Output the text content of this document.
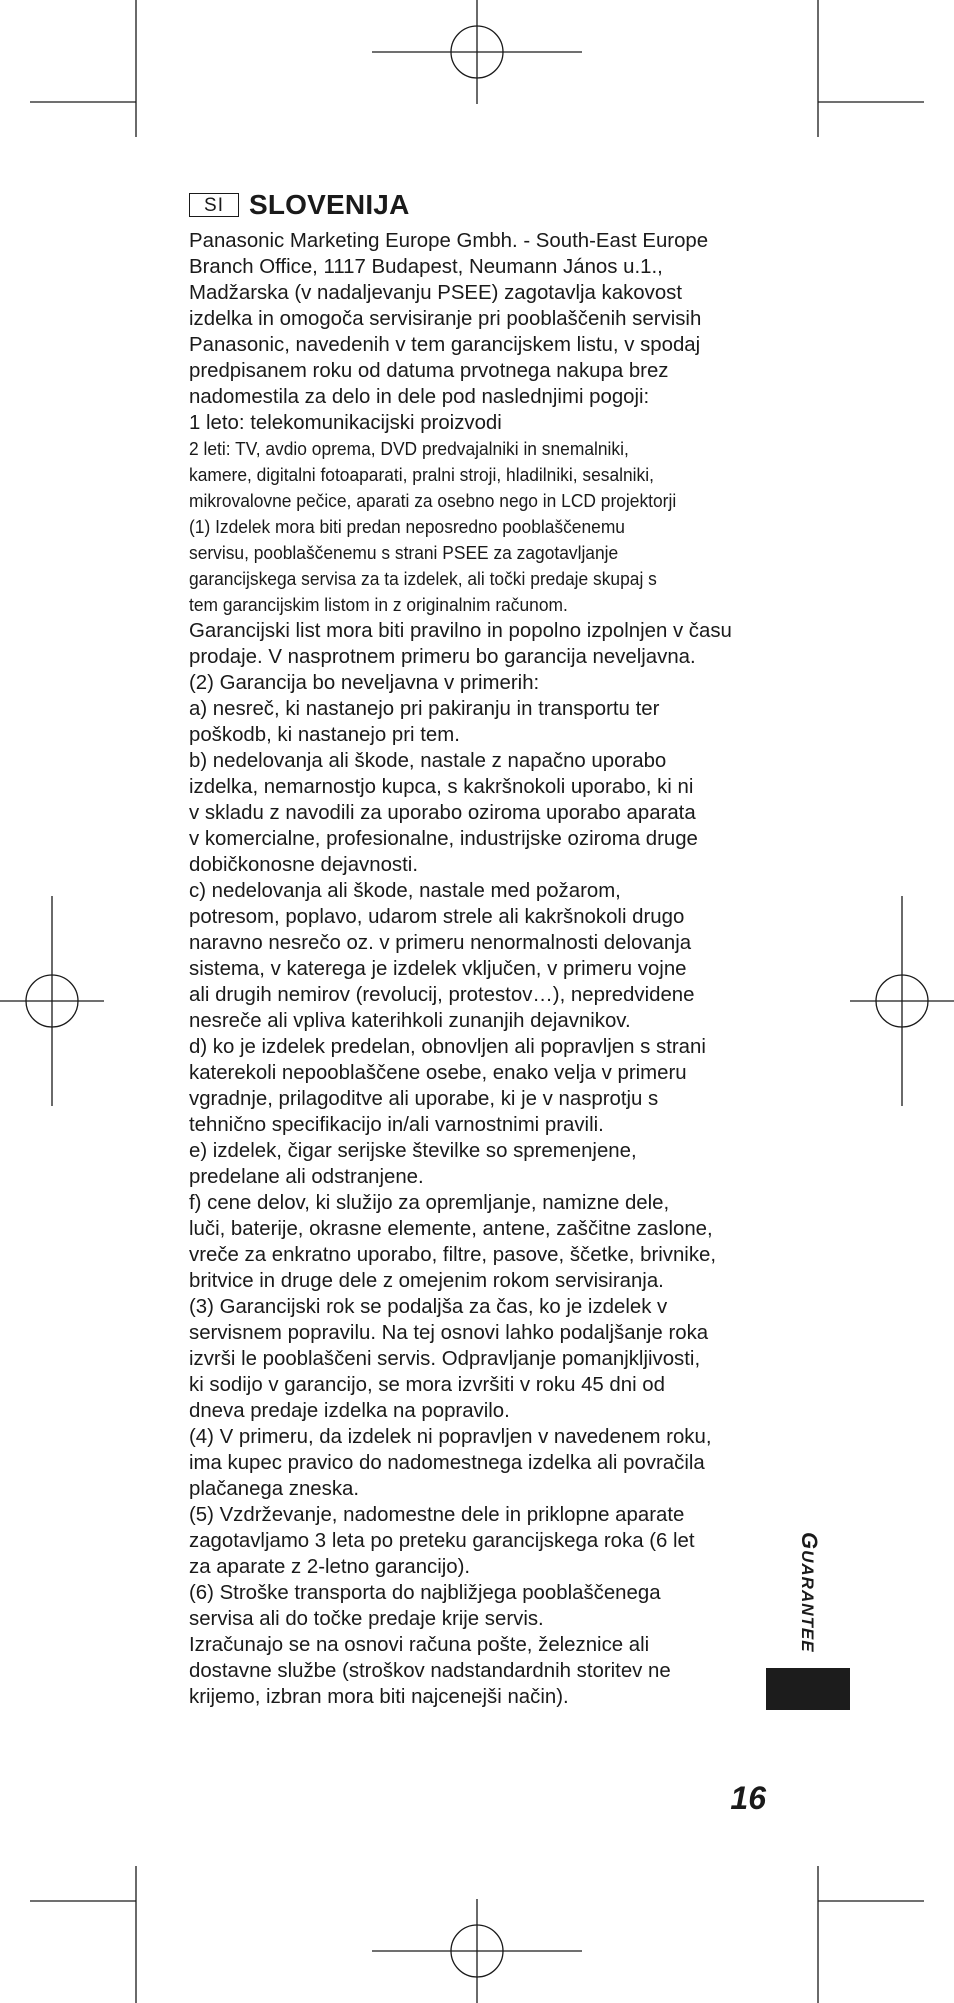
SI SLOVENIJA
Panasonic Marketing Europe Gmbh. - South-East Europe
Branch Office, 1117 Budapest, Neumann János u.1.,
Madžarska (v nadaljevanju PSEE) zagotavlja kakovost
izdelka in omogoča servisiranje pri pooblaščenih servisih
Panasonic, navedenih v tem garancijskem listu, v spodaj
predpisanem roku od datuma prvotnega nakupa brez
nadomestila za delo in dele pod naslednjimi pogoji:
1 leto: telekomunikacijski proizvodi
2 leti: TV, avdio oprema, DVD predvajalniki in snemalniki,
kamere, digitalni fotoaparati, pralni stroji, hladilniki, sesalniki,
mikrovalovne pečice, aparati za osebno nego in LCD projektorji
(1) Izdelek mora biti predan neposredno pooblaščenemu
servisu, pooblaščenemu s strani PSEE za zagotavljanje
garancijskega servisa za ta izdelek, ali točki predaje skupaj s
tem garancijskim listom in z originalnim računom.
Garancijski list mora biti pravilno in popolno izpolnjen v času
prodaje. V nasprotnem primeru bo garancija neveljavna.
(2) Garancija bo neveljavna v primerih:
a) nesreč, ki nastanejo pri pakiranju in transportu ter
poškodb, ki nastanejo pri tem.
b) nedelovanja ali škode, nastale z napačno uporabo
izdelka, nemarnostjo kupca, s kakršnokoli uporabo, ki ni
v skladu z navodili za uporabo oziroma uporabo aparata
v komercialne, profesionalne, industrijske oziroma druge
dobičkonosne dejavnosti.
c) nedelovanja ali škode, nastale med požarom,
potresom, poplavo, udarom strele ali kakršnokoli drugo
naravno nesrečo oz. v primeru nenormalnosti delovanja
sistema, v katerega je izdelek vključen, v primeru vojne
ali drugih nemirov (revolucij, protestov…), nepredvidene
nesreče ali vpliva katerihkoli zunanjih dejavnikov.
d) ko je izdelek predelan, obnovljen ali popravljen s strani
katerekoli nepooblaščene osebe, enako velja v primeru
vgradnje, prilagoditve ali uporabe, ki je v nasprotju s
tehnično specifikacijo in/ali varnostnimi pravili.
e) izdelek, čigar serijske številke so spremenjene,
predelane ali odstranjene.
f) cene delov, ki služijo za opremljanje, namizne dele,
luči, baterije, okrasne elemente, antene, zaščitne zaslone,
vreče za enkratno uporabo, filtre, pasove, ščetke, brivnike,
britvice in druge dele z omejenim rokom servisiranja.
(3) Garancijski rok se podaljša za čas, ko je izdelek v
servisnem popravilu. Na tej osnovi lahko podaljšanje roka
izvrši le pooblaščeni servis. Odpravljanje pomanjkljivosti,
ki sodijo v garancijo, se mora izvršiti v roku 45 dni od
dneva predaje izdelka na popravilo.
(4) V primeru, da izdelek ni popravljen v navedenem roku,
ima kupec pravico do nadomestnega izdelka ali povračila
plačanega zneska.
(5) Vzdrževanje, nadomestne dele in priklopne aparate
zagotavljamo 3 leta po preteku garancijskega roka (6 let
za aparate z 2-letno garancijo).
(6) Stroške transporta do najbližjega pooblaščenega
servisa ali do točke predaje krije servis.
Izračunajo se na osnovi računa pošte, železnice ali
dostavne službe (stroškov nadstandardnih storitev ne
krijemo, izbran mora biti najcenejši način).
GUARANTEE
16
